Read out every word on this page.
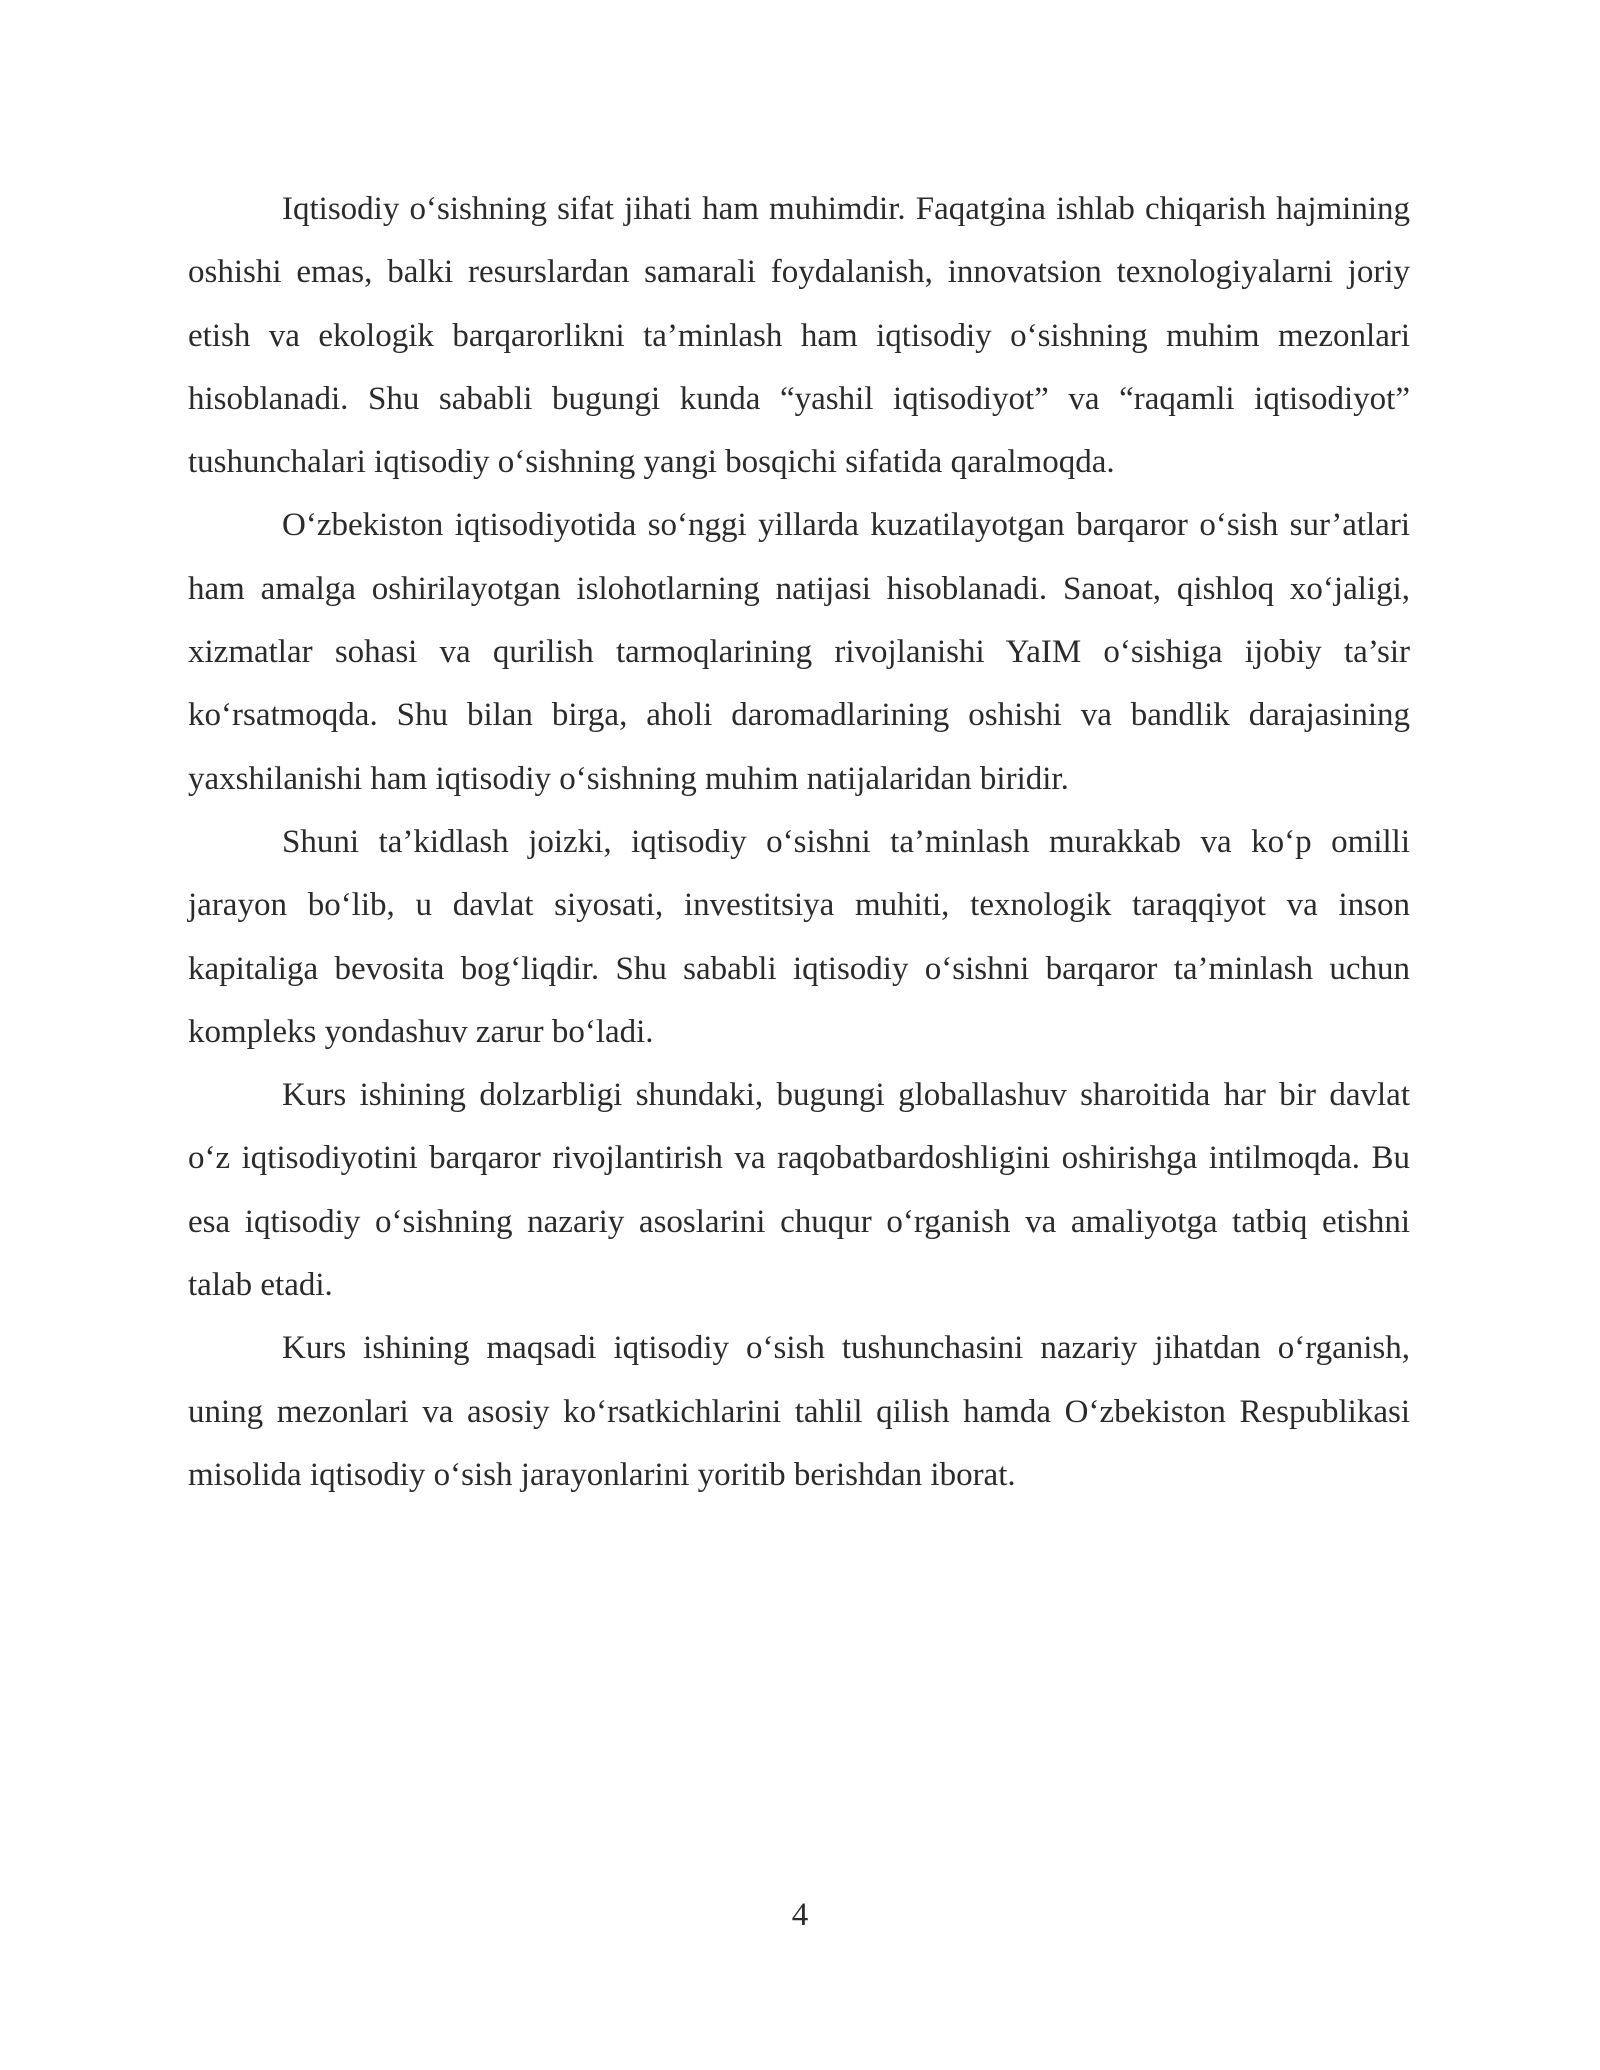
Iqtisodiy o‘sishning sifat jihati ham muhimdir. Faqatgina ishlab chiqarish hajmining oshishi emas, balki resurslardan samarali foydalanish, innovatsion texnologiyalarni joriy etish va ekologik barqarorlikni ta’minlash ham iqtisodiy o‘sishning muhim mezonlari hisoblanadi. Shu sababli bugungi kunda “yashil iqtisodiyot” va “raqamli iqtisodiyot” tushunchalari iqtisodiy o‘sishning yangi bosqichi sifatida qaralmoqda.

O‘zbekiston iqtisodiyotida so‘nggi yillarda kuzatilayotgan barqaror o‘sish sur’atlari ham amalga oshirilayotgan islohotlarning natijasi hisoblanadi. Sanoat, qishloq xo‘jaligi, xizmatlar sohasi va qurilish tarmoqlarining rivojlanishi YaIM o‘sishiga ijobiy ta’sir ko‘rsatmoqda. Shu bilan birga, aholi daromadlarining oshishi va bandlik darajasining yaxshilanishi ham iqtisodiy o‘sishning muhim natijalaridan biridir.

Shuni ta’kidlash joizki, iqtisodiy o‘sishni ta’minlash murakkab va ko‘p omilli jarayon bo‘lib, u davlat siyosati, investitsiya muhiti, texnologik taraqqiyot va inson kapitaliga bevosita bog‘liqdir. Shu sababli iqtisodiy o‘sishni barqaror ta’minlash uchun kompleks yondashuv zarur bo‘ladi.

Kurs ishining dolzarbligi shundaki, bugungi globallashuv sharoitida har bir davlat o‘z iqtisodiyotini barqaror rivojlantirish va raqobatbardoshligini oshirishga intilmoqda. Bu esa iqtisodiy o‘sishning nazariy asoslarini chuqur o‘rganish va amaliyotga tatbiq etishni talab etadi.

Kurs ishining maqsadi iqtisodiy o‘sish tushunchasini nazariy jihatdan o‘rganish, uning mezonlari va asosiy ko‘rsatkichlarini tahlil qilish hamda O‘zbekiston Respublikasi misolida iqtisodiy o‘sish jarayonlarini yoritib berishdan iborat.

4
